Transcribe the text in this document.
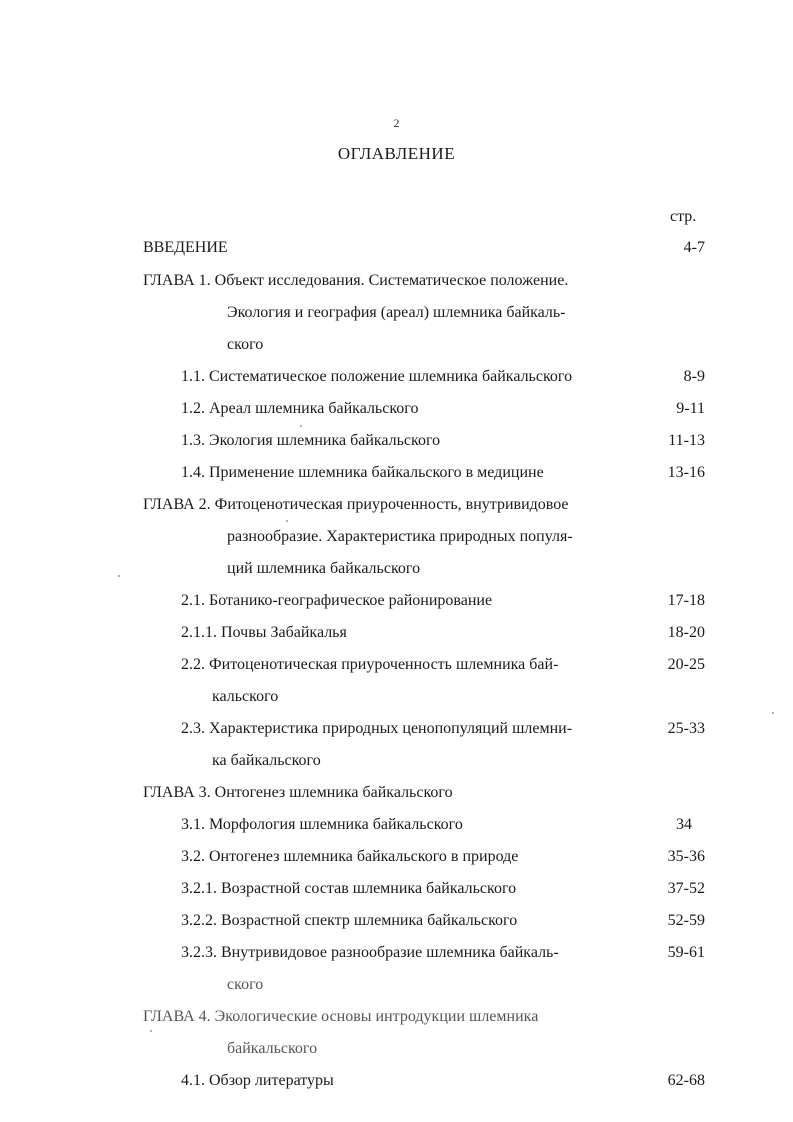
2
ОГЛАВЛЕНИЕ
стр.
ВВЕДЕНИЕ	4-7
ГЛАВА 1. Объект исследования. Систематическое положение.
Экология и география (ареал) шлемника байкаль-
ского
1.1. Систематическое положение шлемника байкальского	8-9
1.2. Ареал шлемника байкальского	9-11
1.3. Экология шлемника байкальского	11-13
1.4. Применение шлемника байкальского в медицине	13-16
ГЛАВА 2. Фитоценотическая приуроченность, внутривидовое
разнообразие. Характеристика природных популя-
ций шлемника байкальского
2.1. Ботанико-географическое районирование	17-18
2.1.1. Почвы Забайкалья	18-20
2.2. Фитоценотическая приуроченность шлемника бай-	20-25
кальского
2.3. Характеристика природных ценопопуляций шлемни-	25-33
ка байкальского
ГЛАВА 3. Онтогенез шлемника байкальского
3.1. Морфология шлемника байкальского	34
3.2. Онтогенез шлемника байкальского в природе	35-36
3.2.1. Возрастной состав шлемника байкальского	37-52
3.2.2. Возрастной спектр шлемника байкальского	52-59
3.2.3. Внутривидовое разнообразие шлемника байкаль-	59-61
ского
ГЛАВА 4. Экологические основы интродукции шлемника
байкальского
4.1. Обзор литературы	62-68
